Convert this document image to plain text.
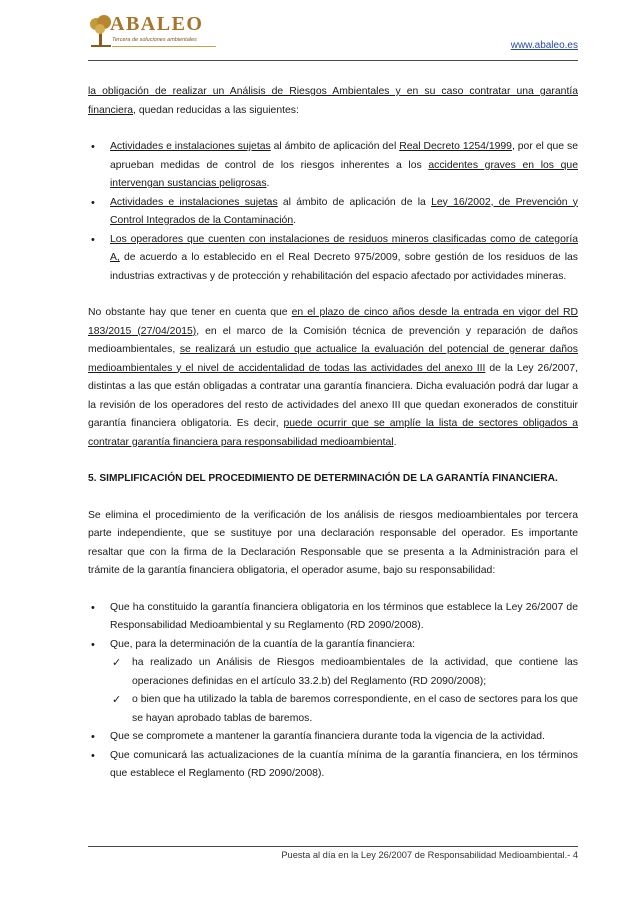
ABALEO
Tercera de soluciones ambientales	www.abaleo.es

la obligación de realizar un Análisis de Riesgos Ambientales y en su caso contratar una garantía financiera, quedan reducidas a las siguientes:

• Actividades e instalaciones sujetas al ámbito de aplicación del Real Decreto 1254/1999, por el que se aprueban medidas de control de los riesgos inherentes a los accidentes graves en los que intervengan sustancias peligrosas.
• Actividades e instalaciones sujetas al ámbito de aplicación de la Ley 16/2002, de Prevención y Control Integrados de la Contaminación.
• Los operadores que cuenten con instalaciones de residuos mineros clasificadas como de categoría A, de acuerdo a lo establecido en el Real Decreto 975/2009, sobre gestión de los residuos de las industrias extractivas y de protección y rehabilitación del espacio afectado por actividades mineras.

No obstante hay que tener en cuenta que en el plazo de cinco años desde la entrada en vigor del RD 183/2015 (27/04/2015), en el marco de la Comisión técnica de prevención y reparación de daños medioambientales, se realizará un estudio que actualice la evaluación del potencial de generar daños medioambientales y el nivel de accidentalidad de todas las actividades del anexo III de la Ley 26/2007, distintas a las que están obligadas a contratar una garantía financiera. Dicha evaluación podrá dar lugar a la revisión de los operadores del resto de actividades del anexo III que quedan exonerados de constituir garantía financiera obligatoria. Es decir, puede ocurrir que se amplíe la lista de sectores obligados a contratar garantía financiera para responsabilidad medioambiental.

5. SIMPLIFICACIÓN DEL PROCEDIMIENTO DE DETERMINACIÓN DE LA GARANTÍA FINANCIERA.

Se elimina el procedimiento de la verificación de los análisis de riesgos medioambientales por tercera parte independiente, que se sustituye por una declaración responsable del operador. Es importante resaltar que con la firma de la Declaración Responsable que se presenta a la Administración para el trámite de la garantía financiera obligatoria, el operador asume, bajo su responsabilidad:

• Que ha constituido la garantía financiera obligatoria en los términos que establece la Ley 26/2007 de Responsabilidad Medioambiental y su Reglamento (RD 2090/2008).
• Que, para la determinación de la cuantía de la garantía financiera:
✓ ha realizado un Análisis de Riesgos medioambientales de la actividad, que contiene las operaciones definidas en el artículo 33.2.b) del Reglamento (RD 2090/2008);
✓ o bien que ha utilizado la tabla de baremos correspondiente, en el caso de sectores para los que se hayan aprobado tablas de baremos.
• Que se compromete a mantener la garantía financiera durante toda la vigencia de la actividad.
• Que comunicará las actualizaciones de la cuantía mínima de la garantía financiera, en los términos que establece el Reglamento (RD 2090/2008).
Puesta al día en la Ley 26/2007 de Responsabilidad Medioambiental.- 4
